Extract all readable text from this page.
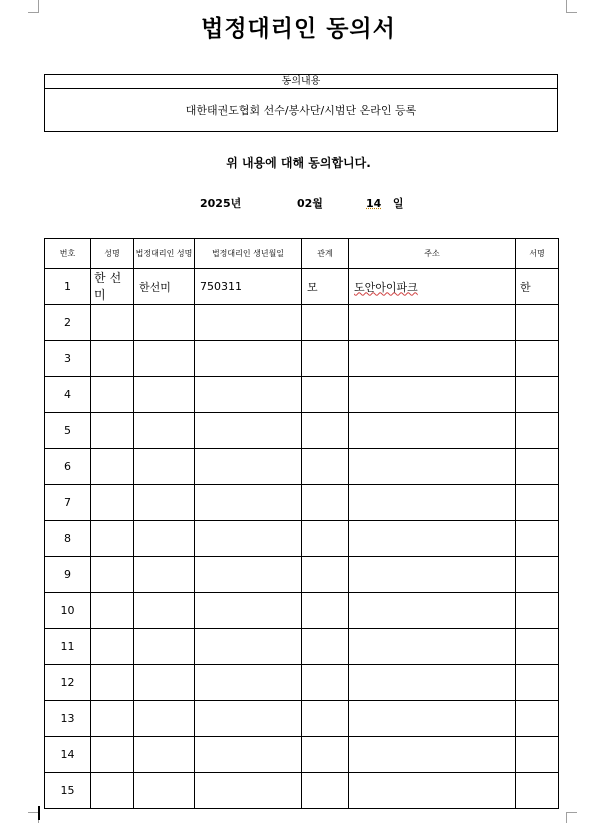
법정대리인 동의서
동의내용
대한태권도협회 선수/봉사단/시범단 온라인 등록
위 내용에 대해 동의합니다.
2025년	02월	14 일
번호	성명	법정대리인 성명	법정대리인 생년월일	관계	주소	서명
1	한선미	한선미	750311	모	도안아이파크	한
2						
3						
4						
5						
6						
7						
8						
9						
10						
11						
12						
13						
14						
15						
